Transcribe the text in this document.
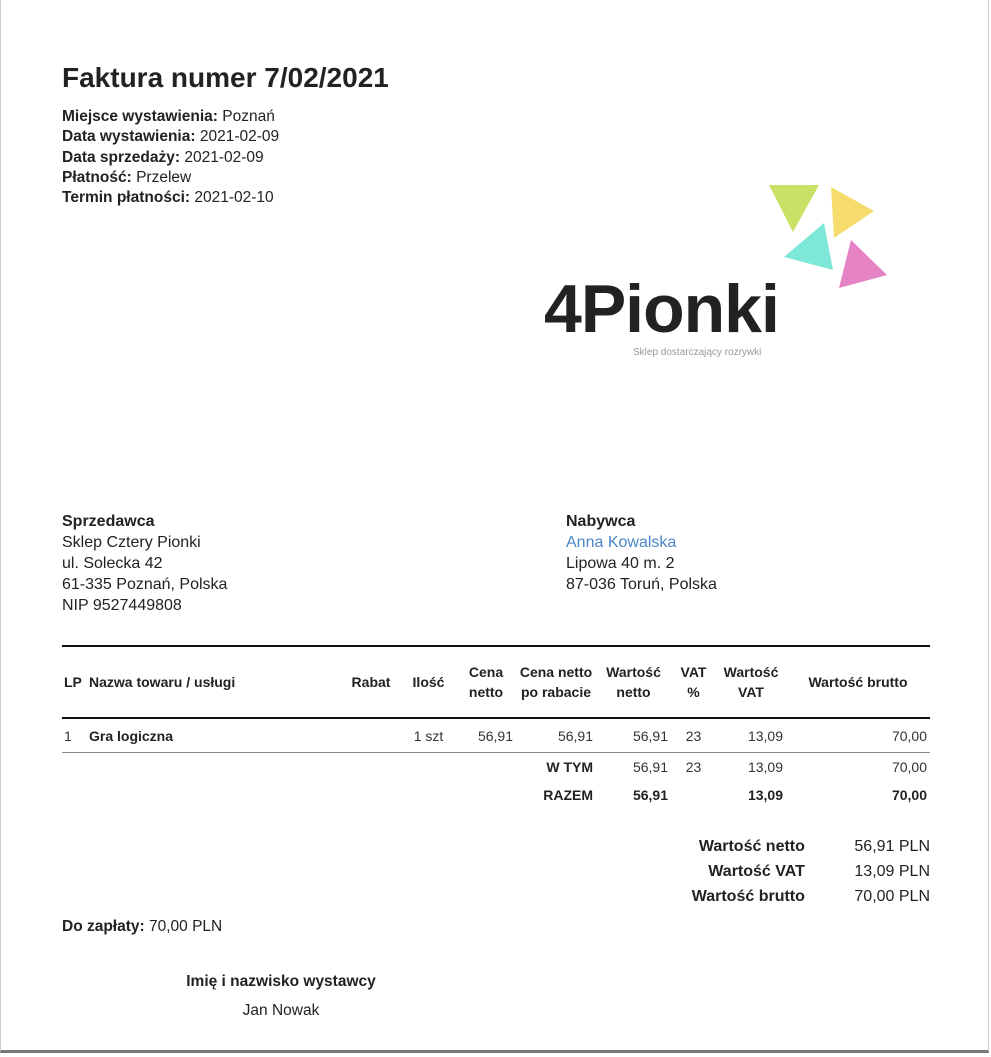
Faktura numer 7/02/2021
Miejsce wystawienia: Poznań
Data wystawienia: 2021-02-09
Data sprzedaży: 2021-02-09
Płatność: Przelew
Termin płatności: 2021-02-10
4Pionki
Sklep dostarczający rozrywki
Sprzedawca
Sklep Cztery Pionki
ul. Solecka 42
61-335 Poznań, Polska
NIP 9527449808
Nabywca
Anna Kowalska
Lipowa 40 m. 2
87-036 Toruń, Polska
LP	Nazwa towaru / usługi	Rabat	Ilość	Cena netto	Cena netto po rabacie	Wartość netto	VAT %	Wartość VAT	Wartość brutto
1	Gra logiczna		1 szt	56,91	56,91	56,91	23	13,09	70,00
					W TYM	56,91	23	13,09	70,00
					RAZEM	56,91		13,09	70,00
Wartość netto	56,91 PLN
Wartość VAT	13,09 PLN
Wartość brutto	70,00 PLN
Do zapłaty: 70,00 PLN
Imię i nazwisko wystawcy
Jan Nowak
